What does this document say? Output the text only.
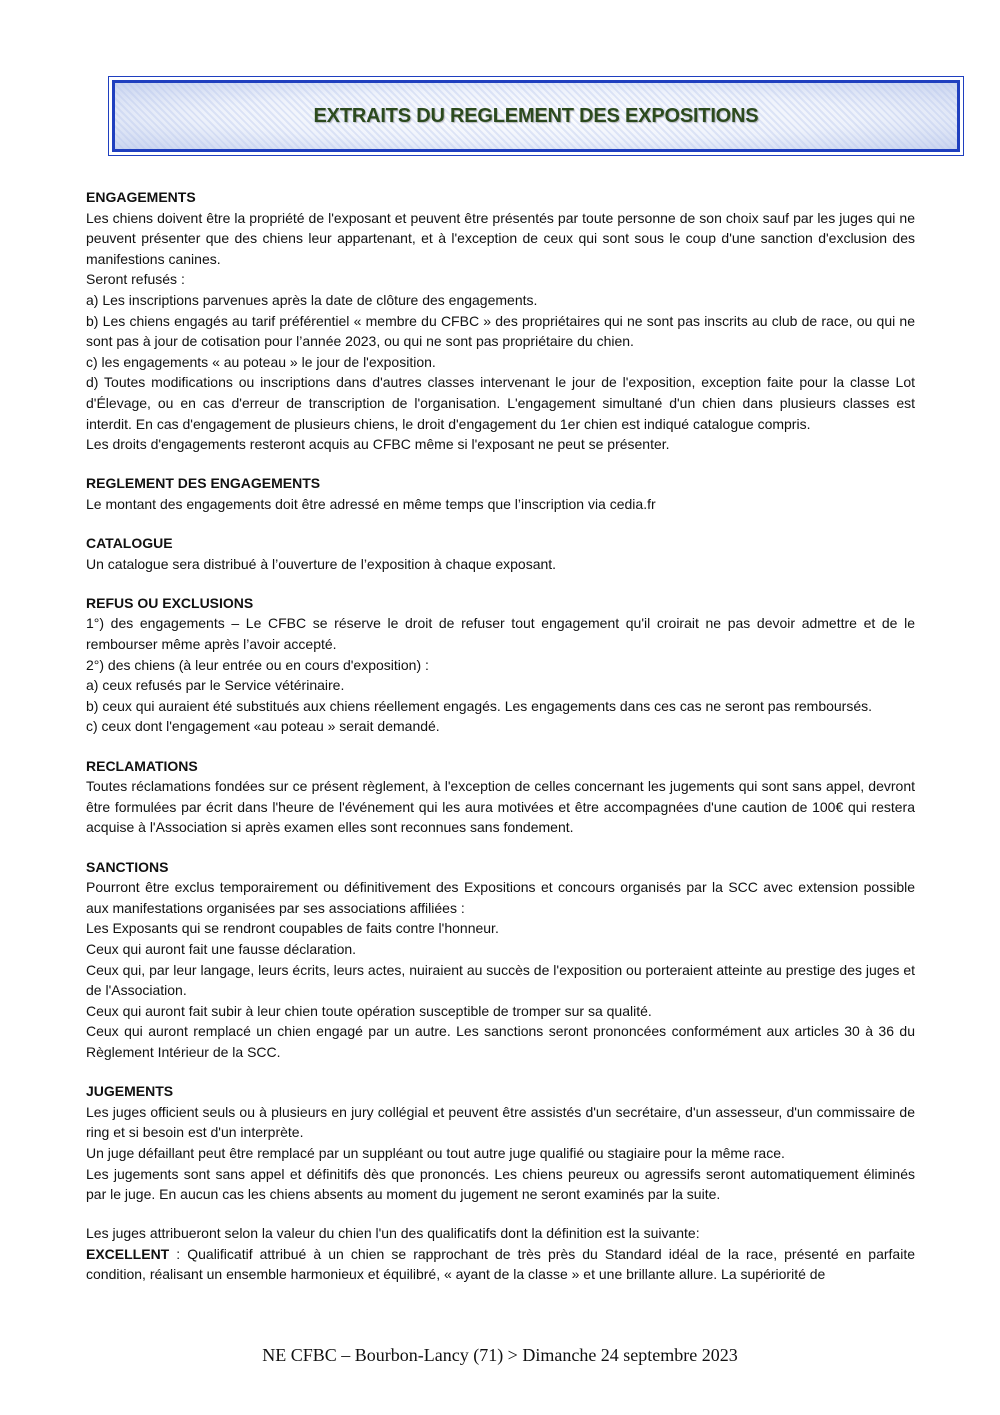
EXTRAITS DU REGLEMENT DES EXPOSITIONS
ENGAGEMENTS

Les chiens doivent être la propriété de l'exposant et peuvent être présentés par toute personne de son choix sauf par les juges qui ne peuvent présenter que des chiens leur appartenant, et à l'exception de ceux qui sont sous le coup d'une sanction d'exclusion des manifestions canines.

Seront refusés :

a) Les inscriptions parvenues après la date de clôture des engagements.

b) Les chiens engagés au tarif préférentiel « membre du CFBC » des propriétaires qui ne sont pas inscrits au club de race, ou qui ne sont pas à jour de cotisation pour l’année 2023, ou qui ne sont pas propriétaire du chien.

c) les engagements « au poteau » le jour de l'exposition.

d) Toutes modifications ou inscriptions dans d'autres classes intervenant le jour de l'exposition, exception faite pour la classe Lot d'Élevage, ou en cas d'erreur de transcription de l'organisation. L'engagement simultané d'un chien dans plusieurs classes est interdit. En cas d'engagement de plusieurs chiens, le droit d'engagement du 1er chien est indiqué catalogue compris.

Les droits d'engagements resteront acquis au CFBC même si l'exposant ne peut se présenter.

REGLEMENT DES ENGAGEMENTS

Le montant des engagements doit être adressé en même temps que l’inscription via cedia.fr

CATALOGUE

Un catalogue sera distribué à l’ouverture de l’exposition à chaque exposant.

REFUS OU EXCLUSIONS

1°) des engagements – Le CFBC se réserve le droit de refuser tout engagement qu'il croirait ne pas devoir admettre et de le rembourser même après l’avoir accepté.

2°) des chiens (à leur entrée ou en cours d'exposition) :

a) ceux refusés par le Service vétérinaire.

b) ceux qui auraient été substitués aux chiens réellement engagés. Les engagements dans ces cas ne seront pas remboursés.

c) ceux dont l'engagement «au poteau » serait demandé.

RECLAMATIONS

Toutes réclamations fondées sur ce présent règlement, à l'exception de celles concernant les jugements qui sont sans appel, devront être formulées par écrit dans l'heure de l'événement qui les aura motivées et être accompagnées d'une caution de 100€ qui restera acquise à l'Association si après examen elles sont reconnues sans fondement.

SANCTIONS

Pourront être exclus temporairement ou définitivement des Expositions et concours organisés par la SCC avec extension possible aux manifestations organisées par ses associations affiliées :

Les Exposants qui se rendront coupables de faits contre l'honneur.

Ceux qui auront fait une fausse déclaration.

Ceux qui, par leur langage, leurs écrits, leurs actes, nuiraient au succès de l'exposition ou porteraient atteinte au prestige des juges et de l'Association.

Ceux qui auront fait subir à leur chien toute opération susceptible de tromper sur sa qualité.

Ceux qui auront remplacé un chien engagé par un autre. Les sanctions seront prononcées conformément aux articles 30 à 36 du Règlement Intérieur de la SCC.

JUGEMENTS

Les juges officient seuls ou à plusieurs en jury collégial et peuvent être assistés d'un secrétaire, d'un assesseur, d'un commissaire de ring et si besoin est d'un interprète.

Un juge défaillant peut être remplacé par un suppléant ou tout autre juge qualifié ou stagiaire pour la même race.

Les jugements sont sans appel et définitifs dès que prononcés. Les chiens peureux ou agressifs seront automatiquement éliminés par le juge. En aucun cas les chiens absents au moment du jugement ne seront examinés par la suite.

Les juges attribueront selon la valeur du chien l'un des qualificatifs dont la définition est la suivante:

EXCELLENT : Qualificatif attribué à un chien se rapprochant de très près du Standard idéal de la race, présenté en parfaite condition, réalisant un ensemble harmonieux et équilibré, « ayant de la classe » et une brillante allure. La supériorité de

NE CFBC – Bourbon-Lancy (71) > Dimanche 24 septembre 2023
